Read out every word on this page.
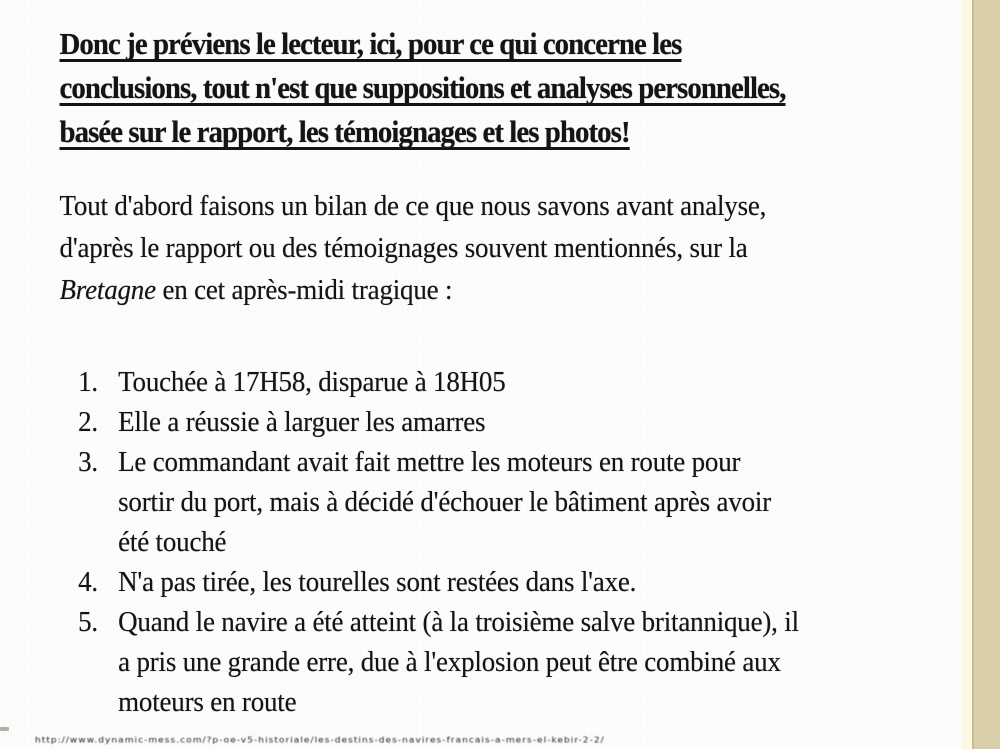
Donc je préviens le lecteur, ici, pour ce qui concerne les
conclusions, tout n'est que suppositions et analyses personnelles,
basée sur le rapport, les témoignages et les photos!
Tout d'abord faisons un bilan de ce que nous savons avant analyse,
d'après le rapport ou des témoignages souvent mentionnés, sur la
Bretagne en cet après-midi tragique :
1. Touchée à 17H58, disparue à 18H05
2. Elle a réussie à larguer les amarres
3. Le commandant avait fait mettre les moteurs en route pour
sortir du port, mais à décidé d'échouer le bâtiment après avoir
été touché
4. N'a pas tirée, les tourelles sont restées dans l'axe.
5. Quand le navire a été atteint (à la troisième salve britannique), il
a pris une grande erre, due à l'explosion peut être combiné aux
moteurs en route
http://www.dynamic-mess.com/?p-oe-v5-historiale/les-destins-des-navires-francais-a-mers-el-kebir-2-2/
